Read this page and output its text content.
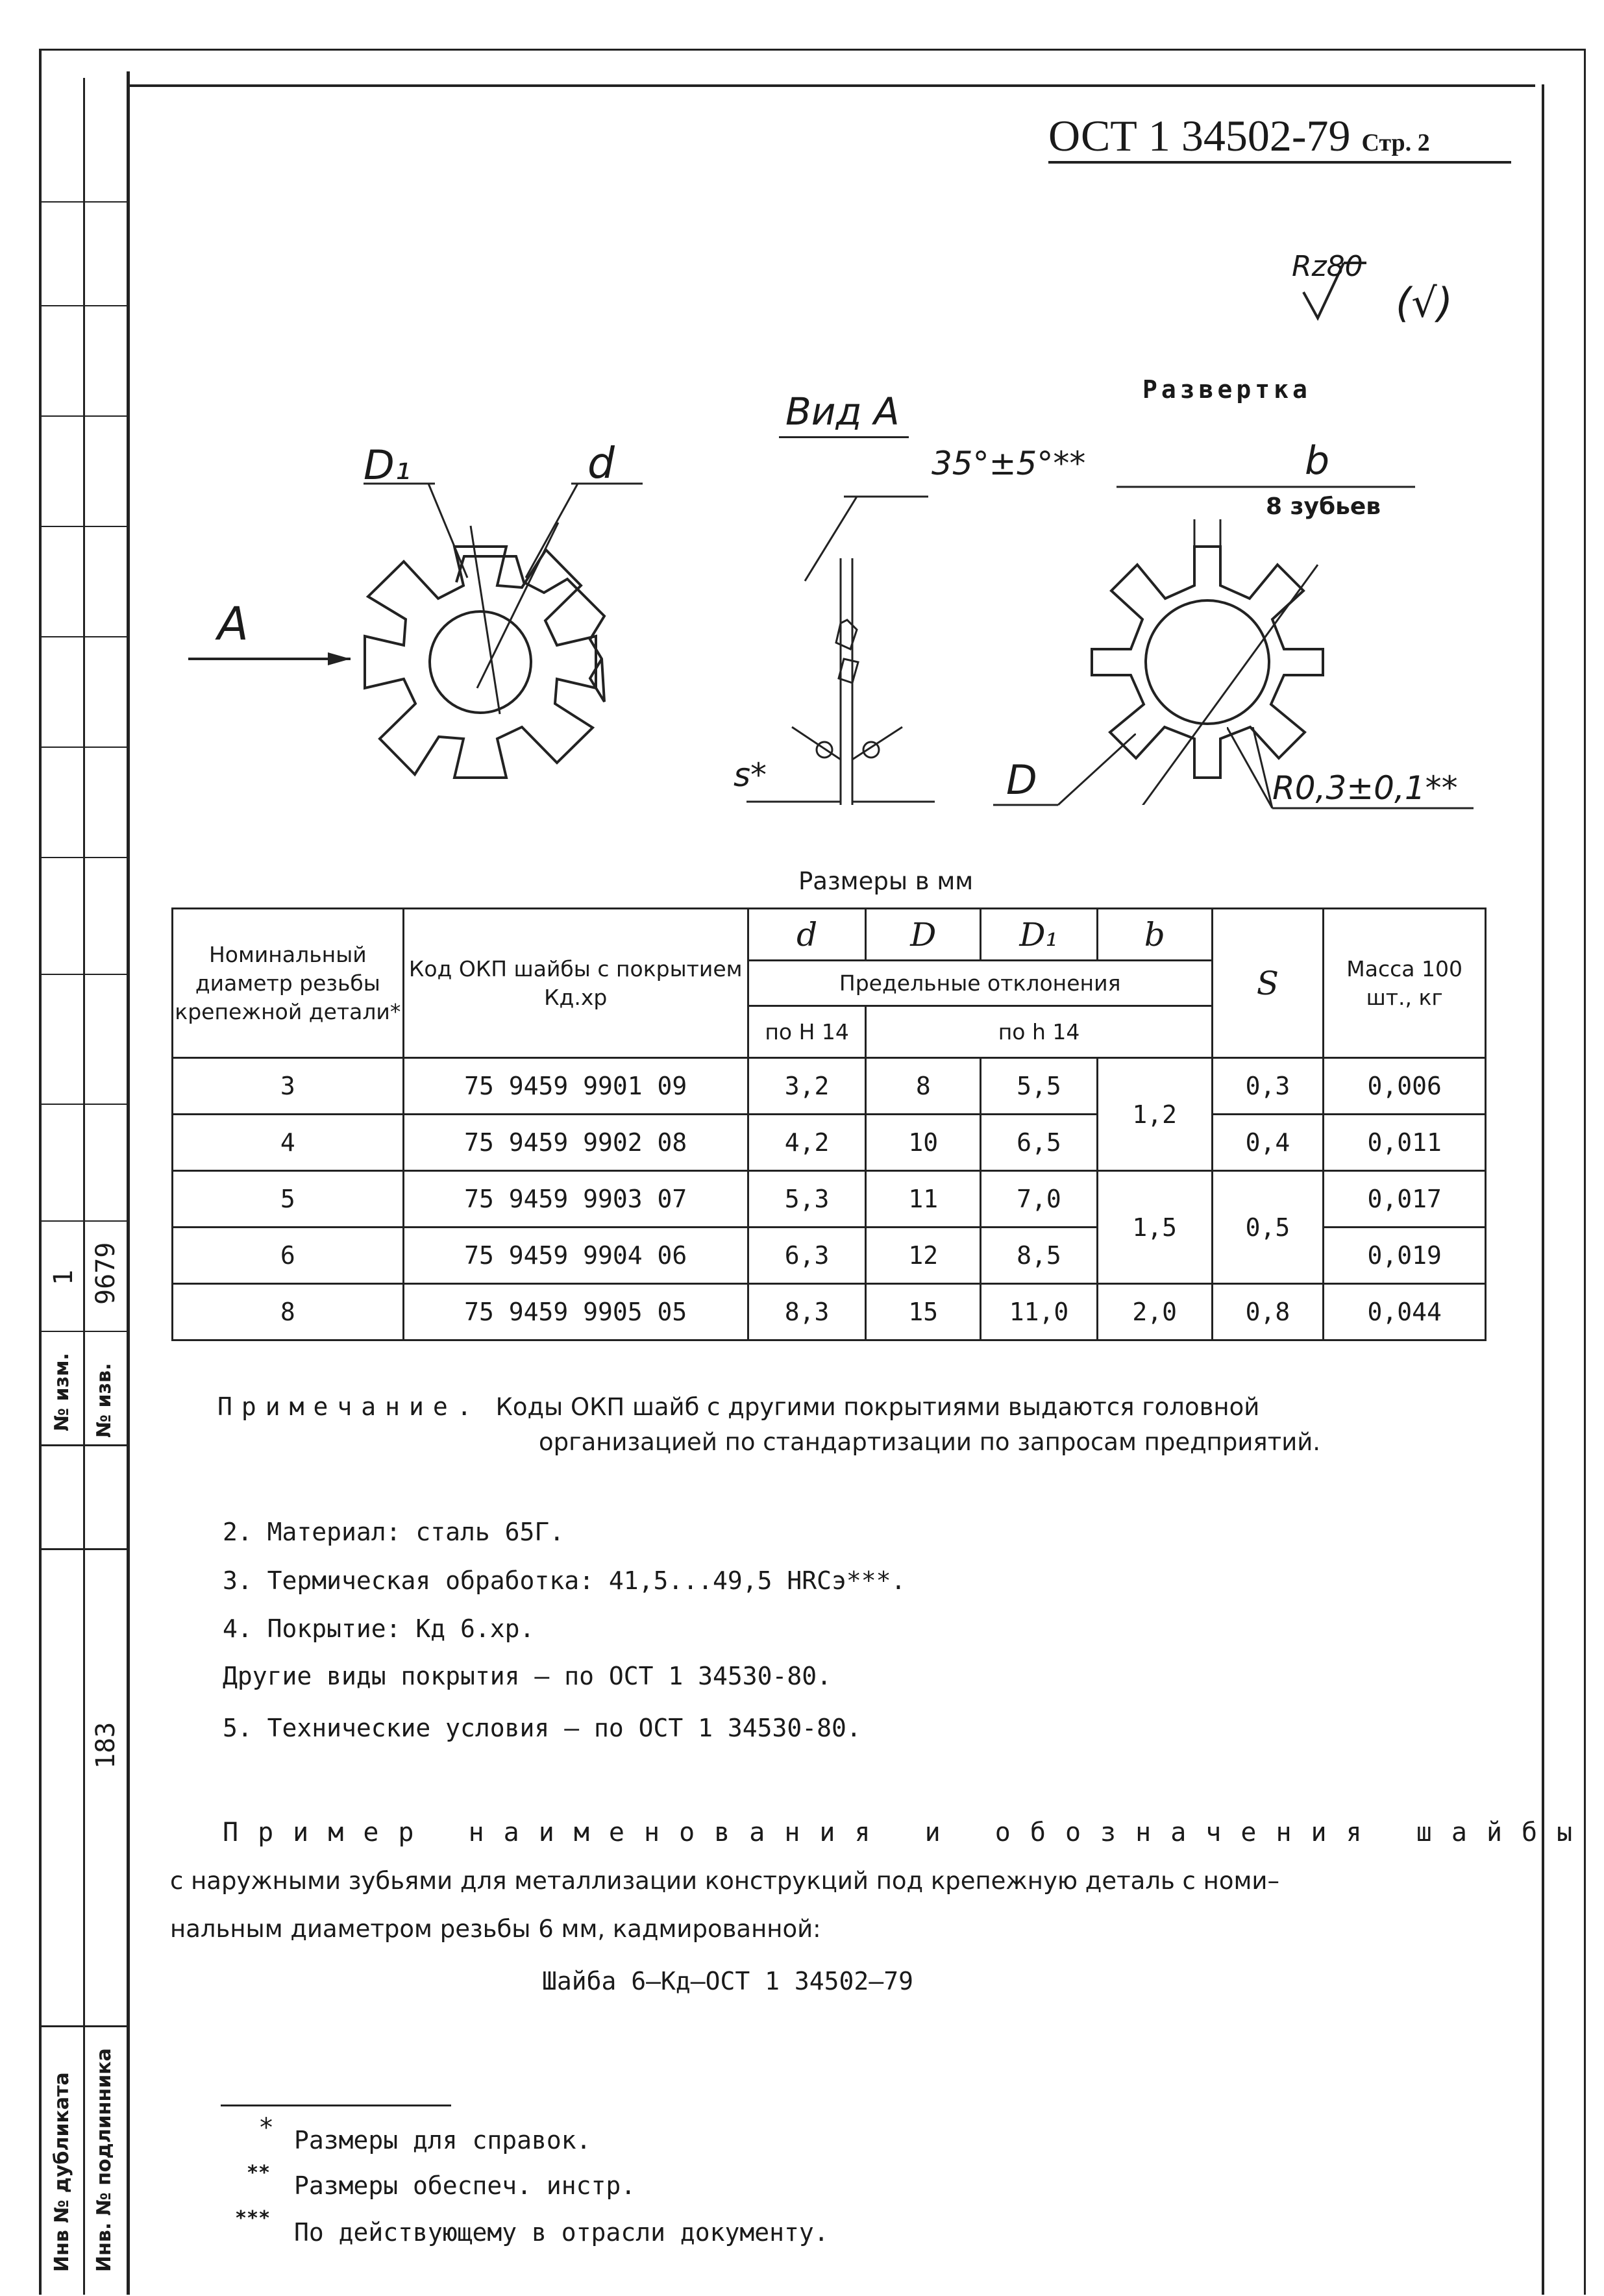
1 9679
№ изм. № изв.
183
Инв № дубликата Инв. № подлинника
ОСТ 1 34502-79 Стр. 2
A
D₁	d
Вид А
35°±5°**
s*
Развертка
b
8 зубьев
D	R0,3±0,1**
Размеры в мм
Номинальный диаметр резьбы крепежной детали*	Код ОКП шайбы с покрытием Кд.хр	d	D	D₁	b	S	Масса 100 шт., кг
		Предельные отклонения					
		по H 14	по h 14				
3	75 9459 9901 09	3,2	8	5,5	1,2	0,3	0,006
4	75 9459 9902 08	4,2	10	6,5		0,4	0,011
5	75 9459 9903 07	5,3	11	7,0	1,5	0,5	0,017
6	75 9459 9904 06	6,3	12	8,5			0,019
8	75 9459 9905 05	8,3	15	11,0	2,0	0,8	0,044
Примечание. Коды ОКП шайб с другими покрытиями выдаются головной
организацией по стандартизации по запросам предприятий.
2. Материал: сталь 65Г.
3. Термическая обработка: 41,5...49,5 HRCэ***.
4. Покрытие: Кд 6.хр.
Другие виды покрытия – по ОСТ 1 34530-80.
5. Технические условия – по ОСТ 1 34530-80.
Пример наименования и обозначения шайбы
с наружными зубьями для металлизации конструкций под крепежную деталь с номи–
нальным диаметром резьбы 6 мм, кадмированной:
Шайба 6–Кд–ОСТ 1 34502–79
* Размеры для справок.
** Размеры обеспеч. инстр.
*** По действующему в отрасли документу.
Rz80
(√)
